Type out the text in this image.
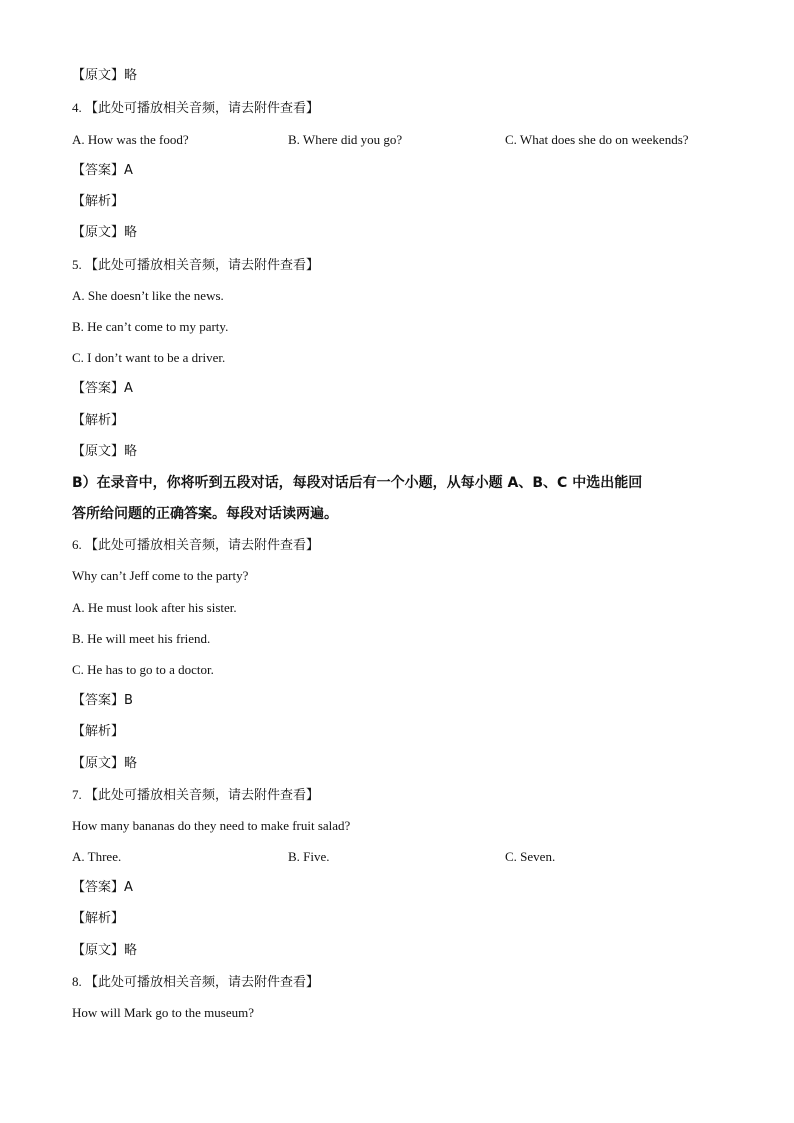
【原文】略
4. 【此处可播放相关音频，请去附件查看】
A. How was the food?	B. Where did you go?	C. What does she do on weekends?
【答案】A
【解析】
【原文】略
5. 【此处可播放相关音频，请去附件查看】
A. She doesn’t like the news.
B. He can’t come to my party.
C. I don’t want to be a driver.
【答案】A
【解析】
【原文】略
B）在录音中，你将听到五段对话，每段对话后有一个小题，从每小题 A、B、C 中选出能回
答所给问题的正确答案。每段对话读两遍。
6. 【此处可播放相关音频，请去附件查看】
Why can’t Jeff come to the party?
A. He must look after his sister.
B. He will meet his friend.
C. He has to go to a doctor.
【答案】B
【解析】
【原文】略
7. 【此处可播放相关音频，请去附件查看】
How many bananas do they need to make fruit salad?
A. Three.	B. Five.	C. Seven.
【答案】A
【解析】
【原文】略
8. 【此处可播放相关音频，请去附件查看】
How will Mark go to the museum?
